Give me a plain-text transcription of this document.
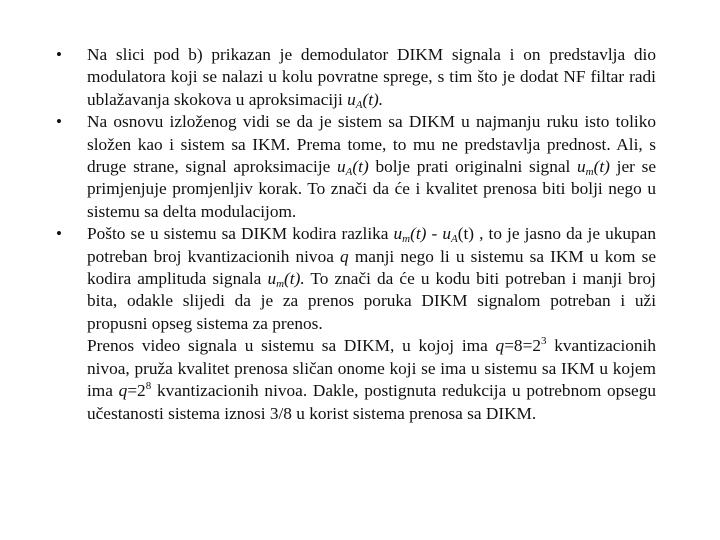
•	Na slici pod b) prikazan je demodulator DIKM signala i on predstavlja dio modulatora koji se nalazi u kolu povratne sprege, s tim što je dodat NF filtar radi ublažavanja skokova u aproksimaciji $u_A(t)$.

•	Na osnovu izloženog vidi se da je sistem sa DIKM u najmanju ruku isto toliko složen kao i sistem sa IKM. Prema tome, to mu ne predstavlja prednost. Ali, s druge strane, signal aproksimacije $u_A(t)$ bolje prati originalni signal $u_m(t)$ jer se primjenjuje promjenljiv korak. To znači da će i kvalitet prenosa biti bolji nego u sistemu sa delta modulacijom.

•	Pošto se u sistemu sa DIKM kodira razlika $u_m(t) - u_A(t)$ , to je jasno da je ukupan potreban broj kvantizacionih nivoa q manji nego li u sistemu sa IKM u kom se kodira amplituda signala $u_m(t)$. To znači da će u kodu biti potreban i manji broj bita, odakle slijedi da je za prenos poruka DIKM signalom potreban i uži propusni opseg sistema za prenos.

Prenos video signala u sistemu sa DIKM, u kojoj ima $q=8=2^3$ kvantizacionih nivoa, pruža kvalitet prenosa sličan onome koji se ima u sistemu sa IKM u kojem ima $q=2^8$ kvantizacionih nivoa. Dakle, postignuta redukcija u potrebnom opsegu učestanosti sistema iznosi 3/8 u korist sistema prenosa sa DIKM.
